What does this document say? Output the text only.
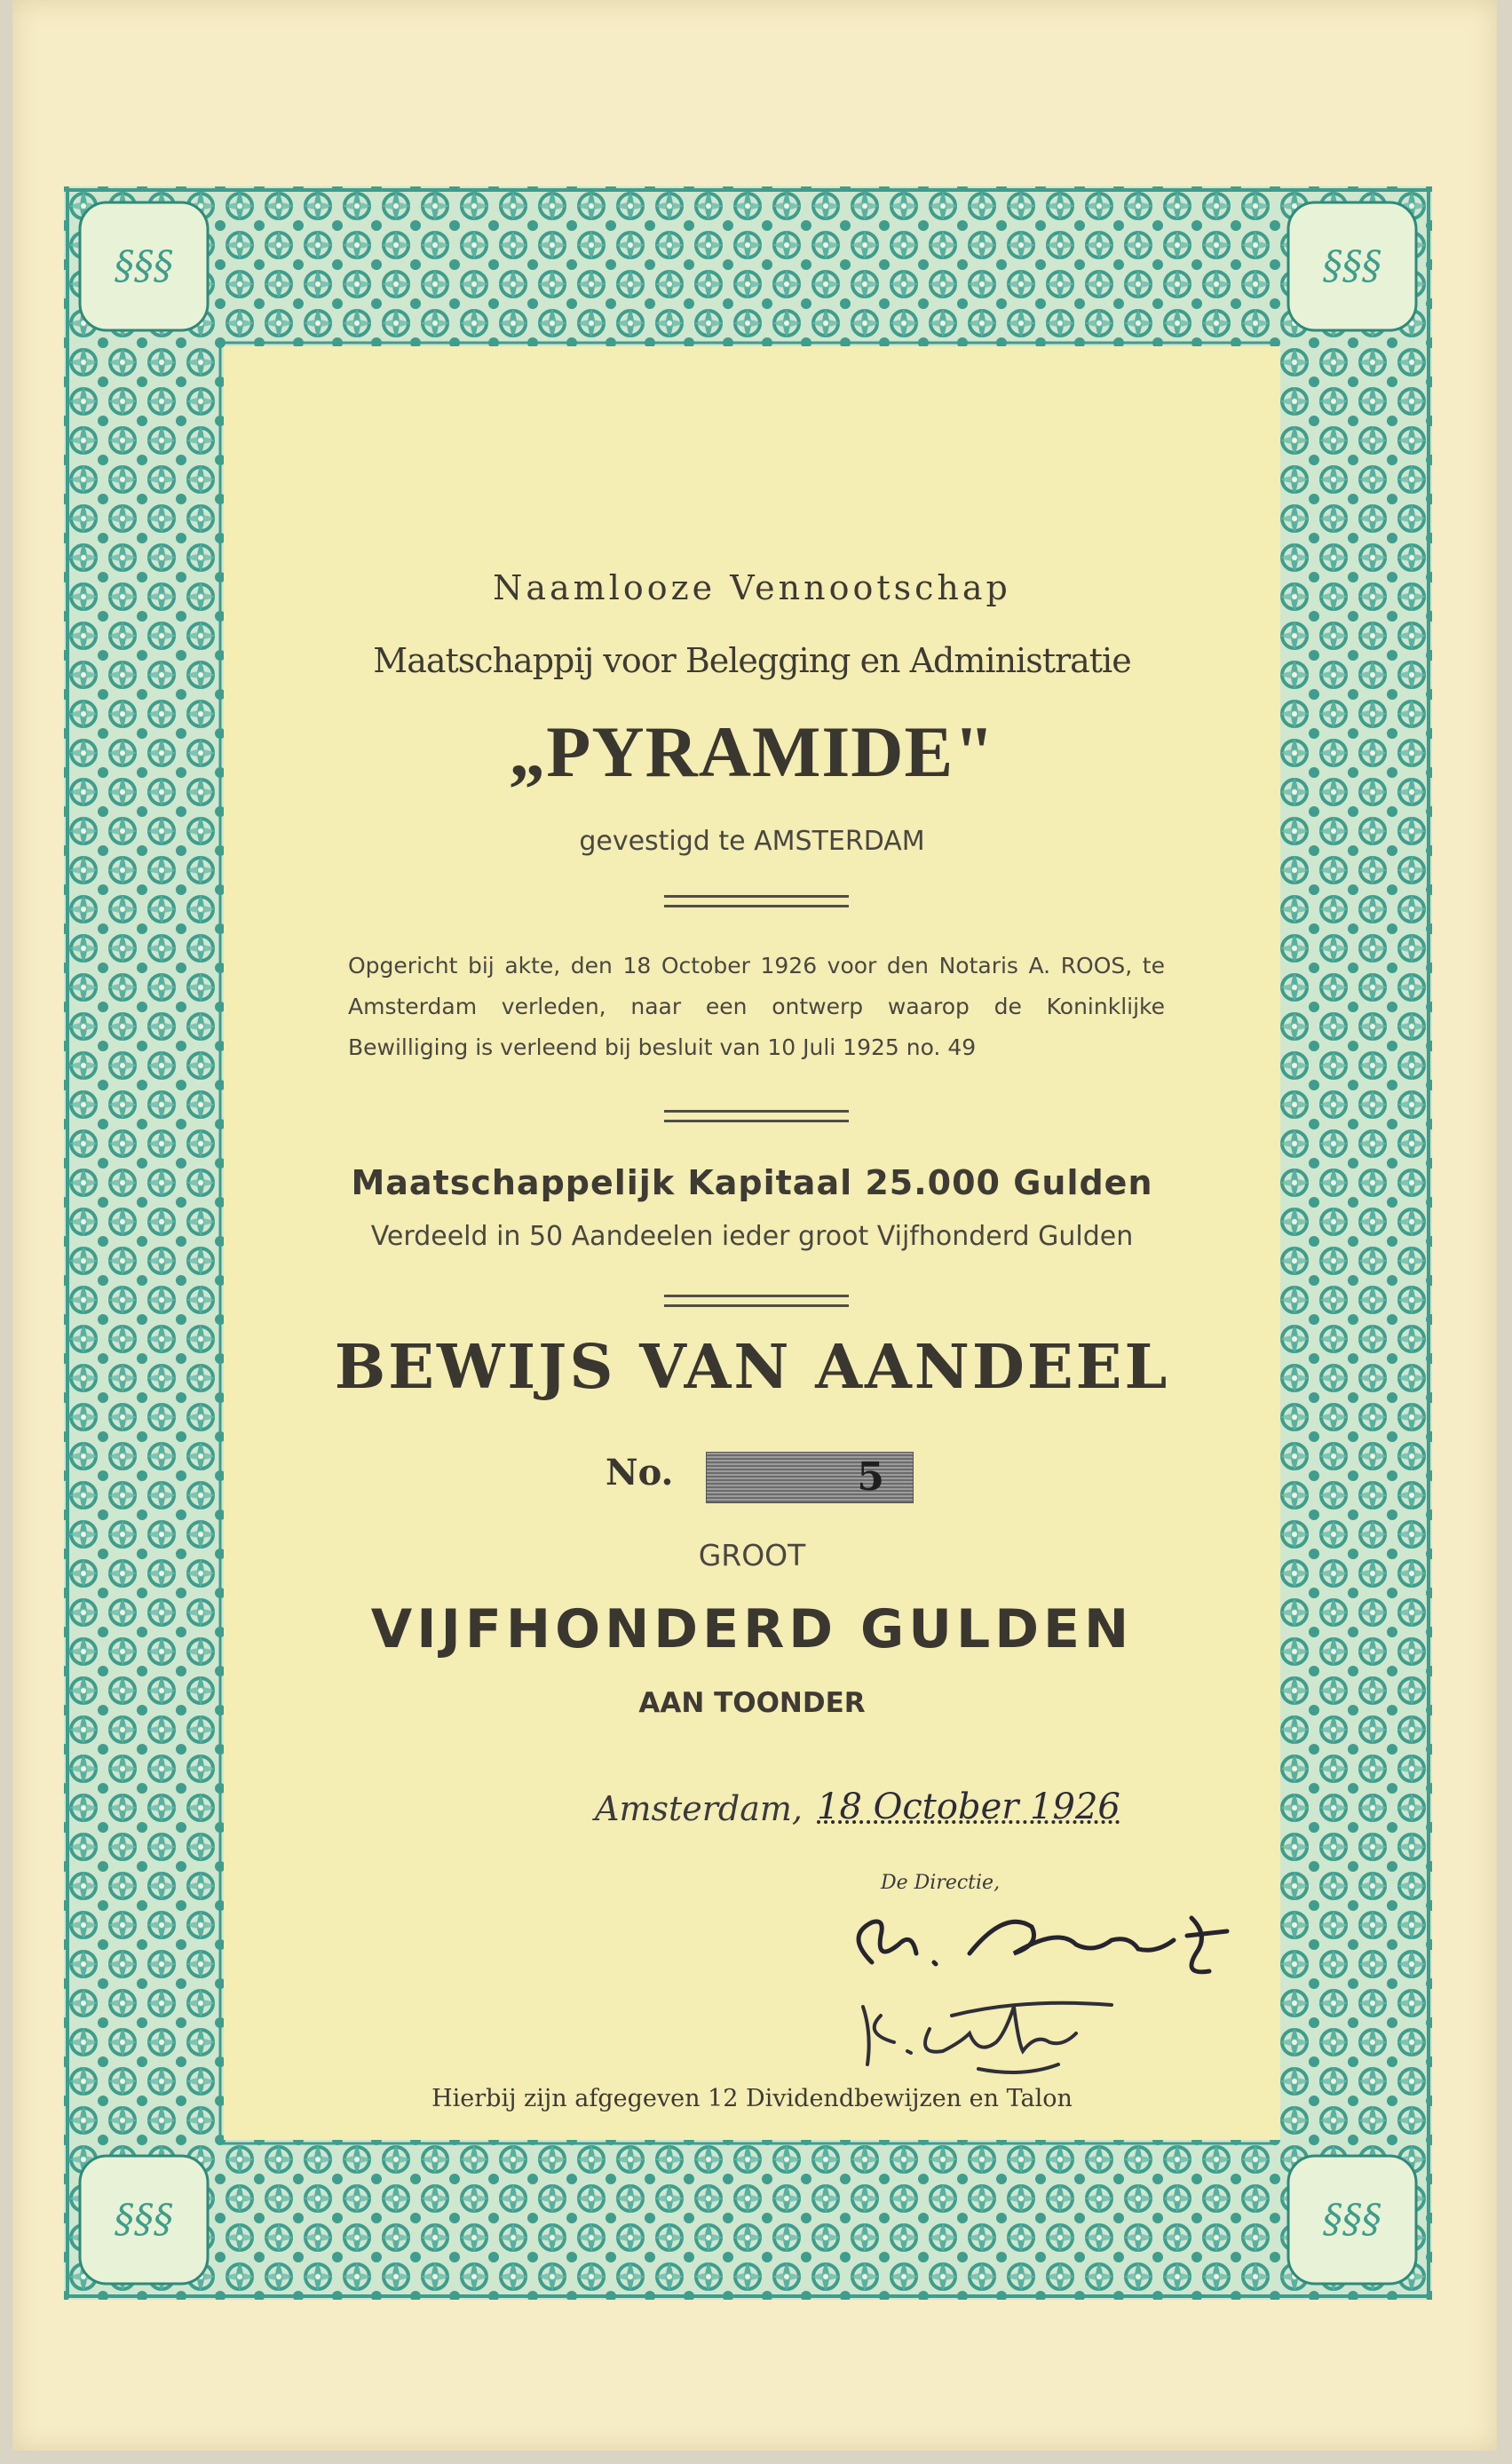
§§§	§§§
§§§	§§§
Naamlooze Vennootschap
Maatschappij voor Belegging en Administratie
„PYRAMIDE"
gevestigd te AMSTERDAM
Opgericht bij akte, den 18 October 1926 voor den Notaris A. ROOS, te Amsterdam verleden, naar een ontwerp waarop de Koninklijke Bewilliging is verleend bij besluit van 10 Juli 1925 no. 49
Maatschappelijk Kapitaal 25.000 Gulden
Verdeeld in 50 Aandeelen ieder groot Vijfhonderd Gulden
BEWIJS VAN AANDEEL
No.	5
GROOT
VIJFHONDERD GULDEN
AAN TOONDER
Amsterdam, 18 October 1926
De Directie,
Hierbij zijn afgegeven 12 Dividendbewijzen en Talon
